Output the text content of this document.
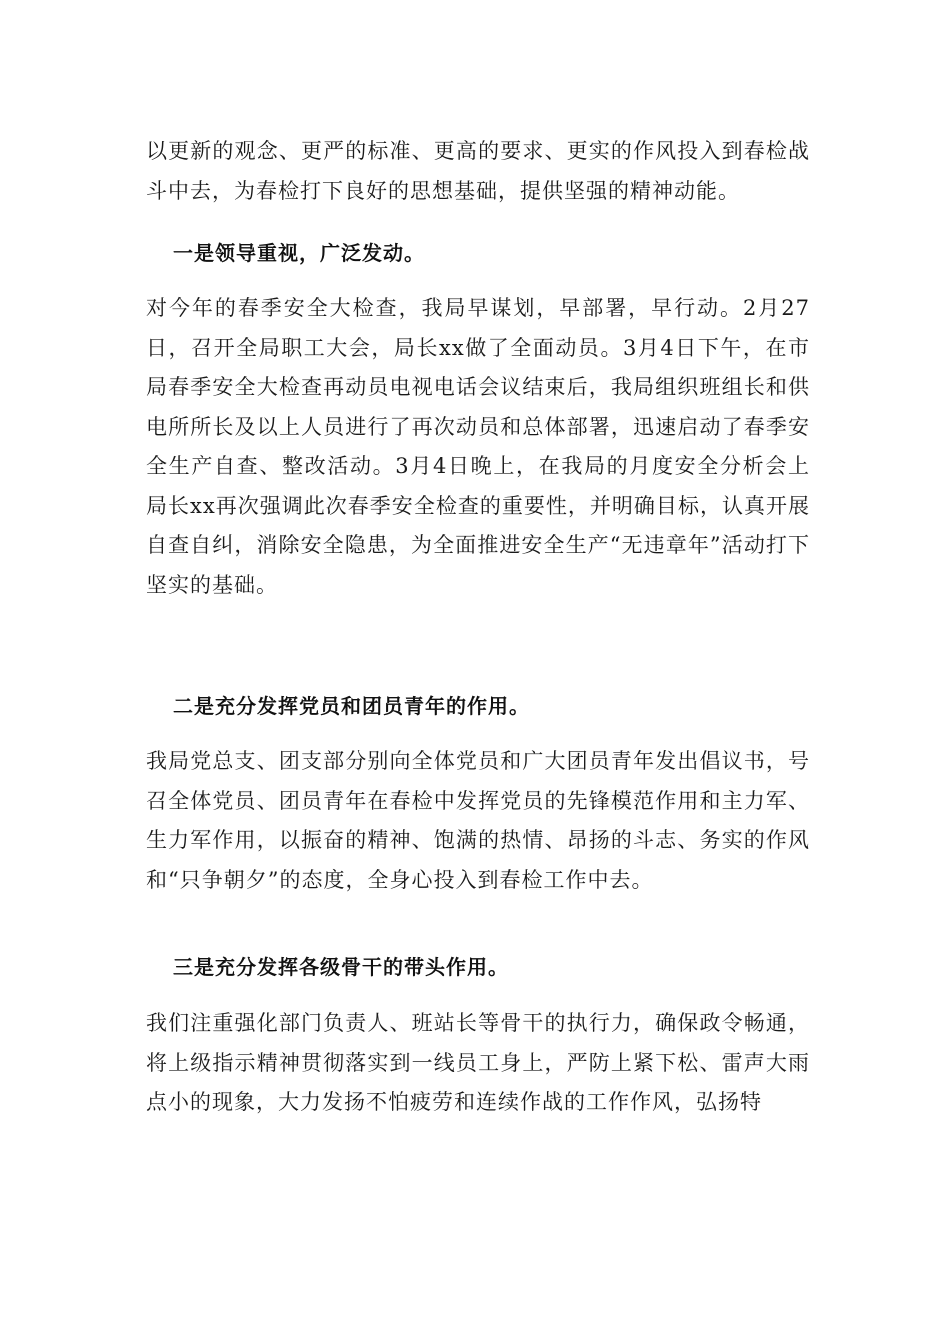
以更新的观念、更严的标准、更高的要求、更实的作风投入到春检战斗中去，为春检打下良好的思想基础，提供坚强的精神动能。

一是领导重视，广泛发动。

对今年的春季安全大检查，我局早谋划，早部署，早行动。2月27日，召开全局职工大会，局长xx做了全面动员。3月4日下午，在市局春季安全大检查再动员电视电话会议结束后，我局组织班组长和供电所所长及以上人员进行了再次动员和总体部署，迅速启动了春季安全生产自查、整改活动。3月4日晚上，在我局的月度安全分析会上局长xx再次强调此次春季安全检查的重要性，并明确目标，认真开展自查自纠，消除安全隐患，为全面推进安全生产“无违章年”活动打下坚实的基础。

二是充分发挥党员和团员青年的作用。

我局党总支、团支部分别向全体党员和广大团员青年发出倡议书，号召全体党员、团员青年在春检中发挥党员的先锋模范作用和主力军、生力军作用，以振奋的精神、饱满的热情、昂扬的斗志、务实的作风和“只争朝夕”的态度，全身心投入到春检工作中去。

三是充分发挥各级骨干的带头作用。

我们注重强化部门负责人、班站长等骨干的执行力，确保政令畅通，将上级指示精神贯彻落实到一线员工身上，严防上紧下松、雷声大雨点小的现象，大力发扬不怕疲劳和连续作战的工作作风，弘扬特
